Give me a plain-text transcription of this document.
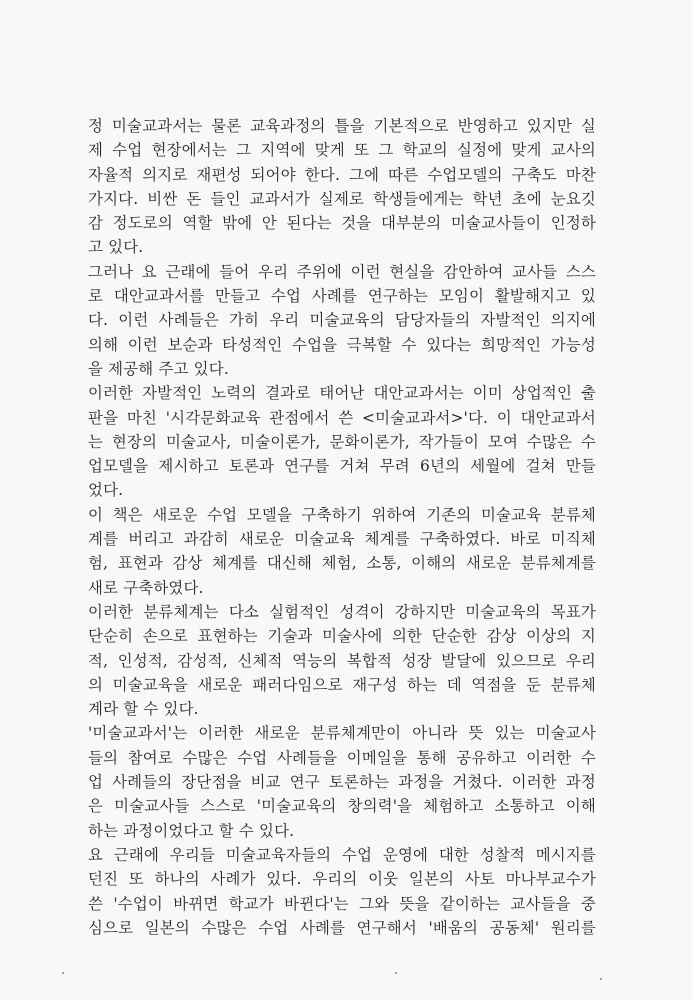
정 미술교과서는 물론 교육과정의 틀을 기본적으로 반영하고 있지만 실
제 수업 현장에서는 그 지역에 맞게 또 그 학교의 실정에 맞게 교사의
자율적 의지로 재편성 되어야 한다. 그에 따른 수업모델의 구축도 마찬
가지다. 비싼 돈 들인 교과서가 실제로 학생들에게는 학년 초에 눈요깃
감 정도로의 역할 밖에 안 된다는 것을 대부분의 미술교사들이 인정하
고 있다.
그러나 요 근래에 들어 우리 주위에 이런 현실을 감안하여 교사들 스스
로 대안교과서를 만들고 수업 사례를 연구하는 모임이 활발해지고 있
다. 이런 사례들은 가히 우리 미술교육의 담당자들의 자발적인 의지에
의해 이런 보순과 타성적인 수업을 극복할 수 있다는 희망적인 가능성
을 제공해 주고 있다.
이러한 자발적인 노력의 결과로 태어난 대안교과서는 이미 상업적인 출
판을 마친 '시각문화교육 관점에서 쓴 <미술교과서>'다. 이 대안교과서
는 현장의 미술교사, 미술이론가, 문화이론가, 작가들이 모여 수많은 수
업모델을 제시하고 토론과 연구를 거쳐 무려 6년의 세월에 걸쳐 만들
었다.
이 책은 새로운 수업 모델을 구축하기 위하여 기존의 미술교육 분류체
계를 버리고 과감히 새로운 미술교육 체계를 구축하였다. 바로 미직체
험, 표현과 감상 체계를 대신해 체험, 소통, 이해의 새로운 분류체계를
새로 구축하였다.
이러한 분류체계는 다소 실험적인 성격이 강하지만 미술교육의 목표가
단순히 손으로 표현하는 기술과 미술사에 의한 단순한 감상 이상의 지
적, 인성적, 감성적, 신체적 역능의 복합적 성장 발달에 있으므로 우리
의 미술교육을 새로운 패러다임으로 재구성 하는 데 역점을 둔 분류체
계라 할 수 있다.
'미술교과서'는 이러한 새로운 분류체계만이 아니라 뜻 있는 미술교사
들의 참여로 수많은 수업 사례들을 이메일을 통해 공유하고 이러한 수
업 사례들의 장단점을 비교 연구 토론하는 과정을 거쳤다. 이러한 과정
은 미술교사들 스스로 '미술교육의 창의력'을 체험하고 소통하고 이해
하는 과정이었다고 할 수 있다.
요 근래에 우리들 미술교육자들의 수업 운영에 대한 성찰적 메시지를
던진 또 하나의 사례가 있다. 우리의 이웃 일본의 사토 마나부교수가
쓴 '수업이 바뀌면 학교가 바뀐다'는 그와 뜻을 같이하는 교사들을 중
심으로 일본의 수많은 수업 사례를 연구해서 '배움의 공동체' 원리를
